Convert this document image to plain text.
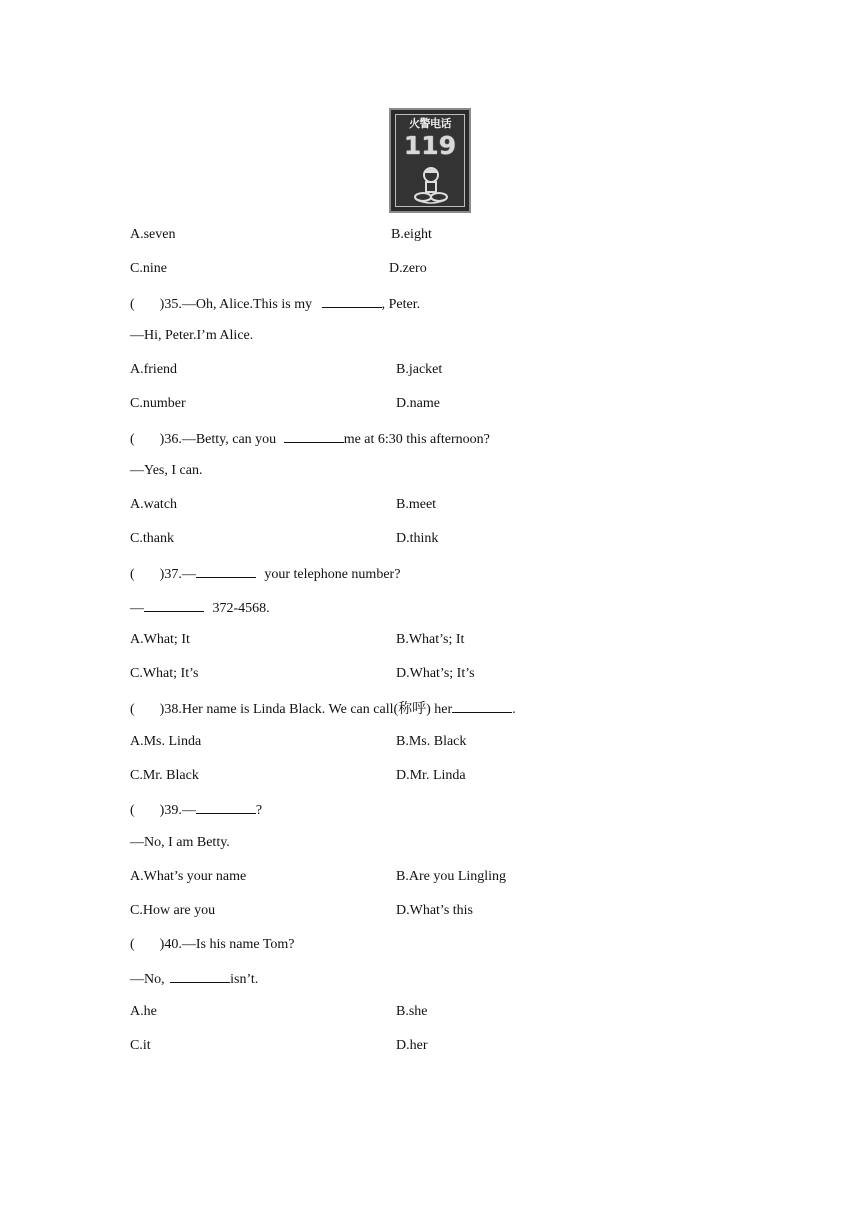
火警电话
119
A.seven	B.eight
C.nine	D.zero
( )35.—Oh, Alice.This is my	, Peter.
—Hi, Peter.I’m Alice.
A.friend	B.jacket
C.number	D.name
( )36.—Betty, can you	me at 6:30 this afternoon?
—Yes, I can.
A.watch	B.meet
C.thank	D.think
( )37.—	your telephone number?
—	372-4568.
A.What; It	B.What’s; It
C.What; It’s	D.What’s; It’s
( )38.Her name is Linda Black. We can call(称呼) her	.
A.Ms. Linda	B.Ms. Black
C.Mr. Black	D.Mr. Linda
( )39.—	?
—No, I am Betty.
A.What’s your name	B.Are you Lingling
C.How are you	D.What’s this
( )40.—Is his name Tom?
—No,	isn’t.
A.he	B.she
C.it	D.her
